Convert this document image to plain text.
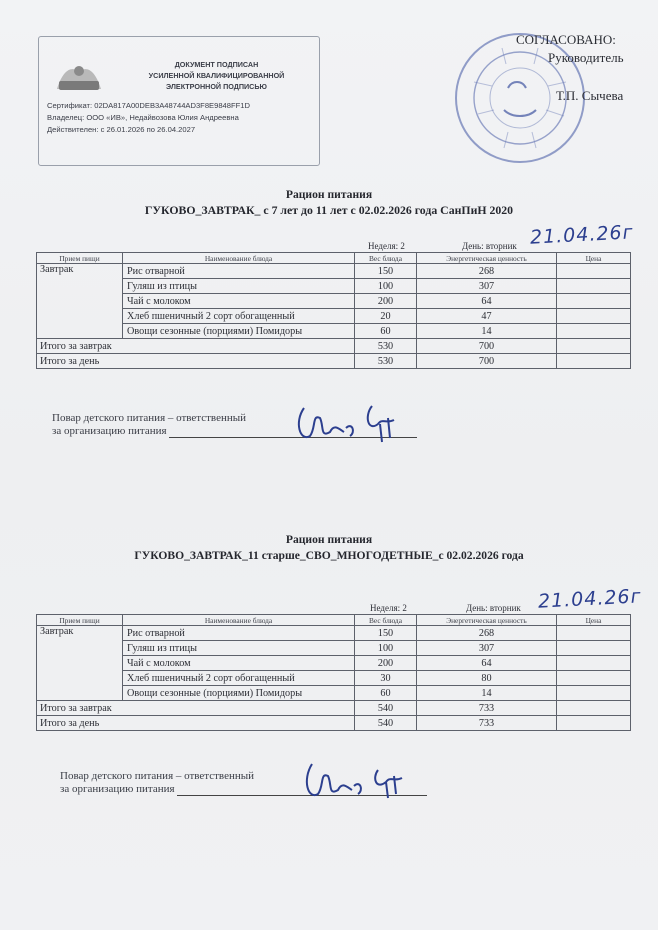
ДОКУМЕНТ ПОДПИСАН
УСИЛЕННОЙ КВАЛИФИЦИРОВАННОЙ
ЭЛЕКТРОННОЙ ПОДПИСЬЮ
Сертификат: 02DA817A00DEB3A48744AD3F8E9848FF1D
Владелец: ООО «ИВ», Недайвозова Юлия Андреевна
Действителен: с 26.01.2026 по 26.04.2027
СОГЛАСОВАНО:
Руководитель
Т.П. Сычева
Рацион питания
ГУКОВО_ЗАВТРАК_ с 7 лет до 11 лет с 02.02.2026 года СанПиН 2020
Неделя: 2	День: вторник 21.04.26г
Прием пищи	Наименование блюда	Вес блюда	Энергетическая ценность	Цена
Завтрак	Рис отварной	150	268	
	Гуляш из птицы	100	307	
	Чай с молоком	200	64	
	Хлеб пшеничный 2 сорт обогащенный	20	47	
	Овощи сезонные (порциями) Помидоры	60	14	
Итого за завтрак		530	700	
Итого за день		530	700	
Повар детского питания – ответственный
за организацию питания
Рацион питания
ГУКОВО_ЗАВТРАК_11 старше_СВО_МНОГОДЕТНЫЕ_с 02.02.2026 года
Неделя: 2	День: вторник 21.04.26г
Прием пищи	Наименование блюда	Вес блюда	Энергетическая ценность	Цена
Завтрак	Рис отварной	150	268	
	Гуляш из птицы	100	307	
	Чай с молоком	200	64	
	Хлеб пшеничный 2 сорт обогащенный	30	80	
	Овощи сезонные (порциями) Помидоры	60	14	
Итого за завтрак		540	733	
Итого за день		540	733	
Повар детского питания – ответственный
за организацию питания
